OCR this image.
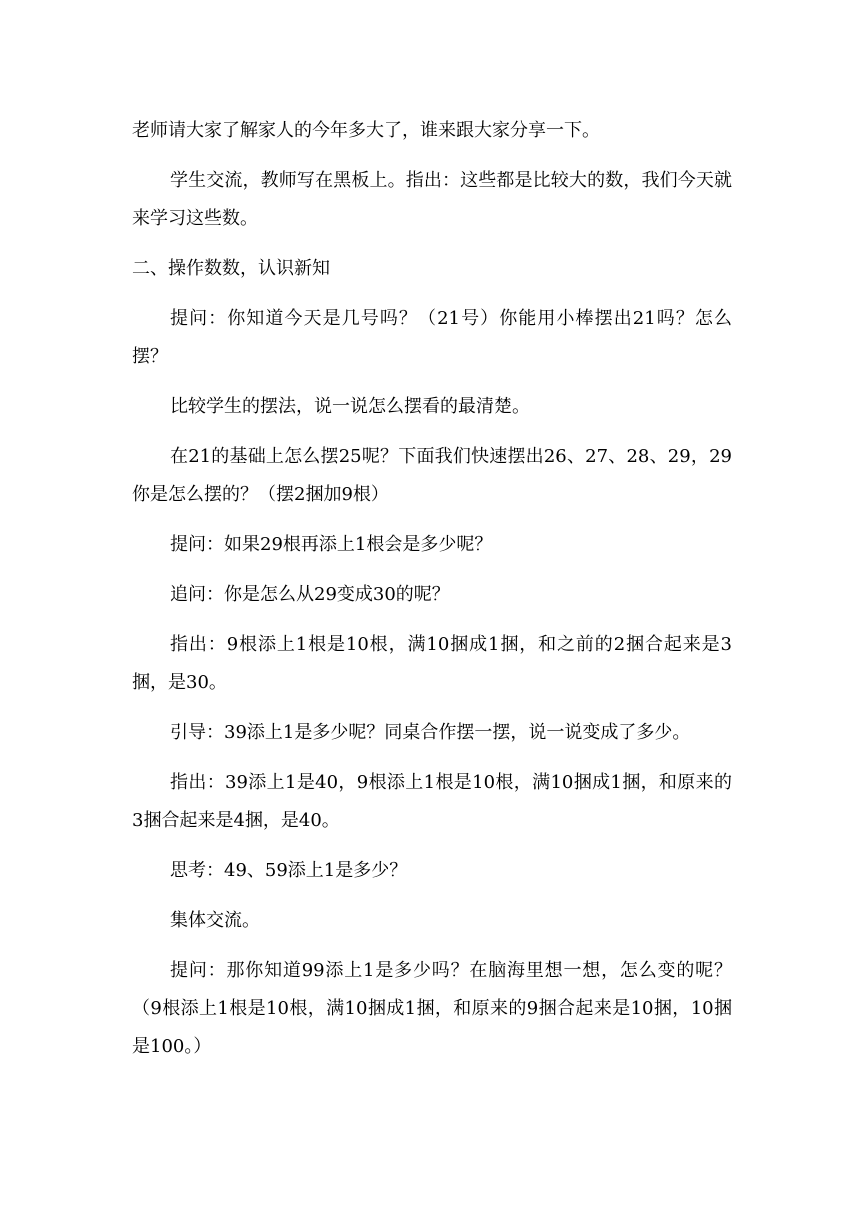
老师请大家了解家人的今年多大了，谁来跟大家分享一下。

学生交流，教师写在黑板上。指出：这些都是比较大的数，我们今天就来学习这些数。

二、操作数数，认识新知

提问：你知道今天是几号吗？（21号）你能用小棒摆出21吗？怎么摆？

比较学生的摆法，说一说怎么摆看的最清楚。

在21的基础上怎么摆25呢？下面我们快速摆出26、27、28、29，29你是怎么摆的？（摆2捆加9根）

提问：如果29根再添上1根会是多少呢？

追问：你是怎么从29变成30的呢？

指出：9根添上1根是10根，满10捆成1捆，和之前的2捆合起来是3捆，是30。

引导：39添上1是多少呢？同桌合作摆一摆，说一说变成了多少。

指出：39添上1是40，9根添上1根是10根，满10捆成1捆，和原来的3捆合起来是4捆，是40。

思考：49、59添上1是多少？

集体交流。

提问：那你知道99添上1是多少吗？在脑海里想一想，怎么变的呢？（9根添上1根是10根，满10捆成1捆，和原来的9捆合起来是10捆，10捆是100。）
